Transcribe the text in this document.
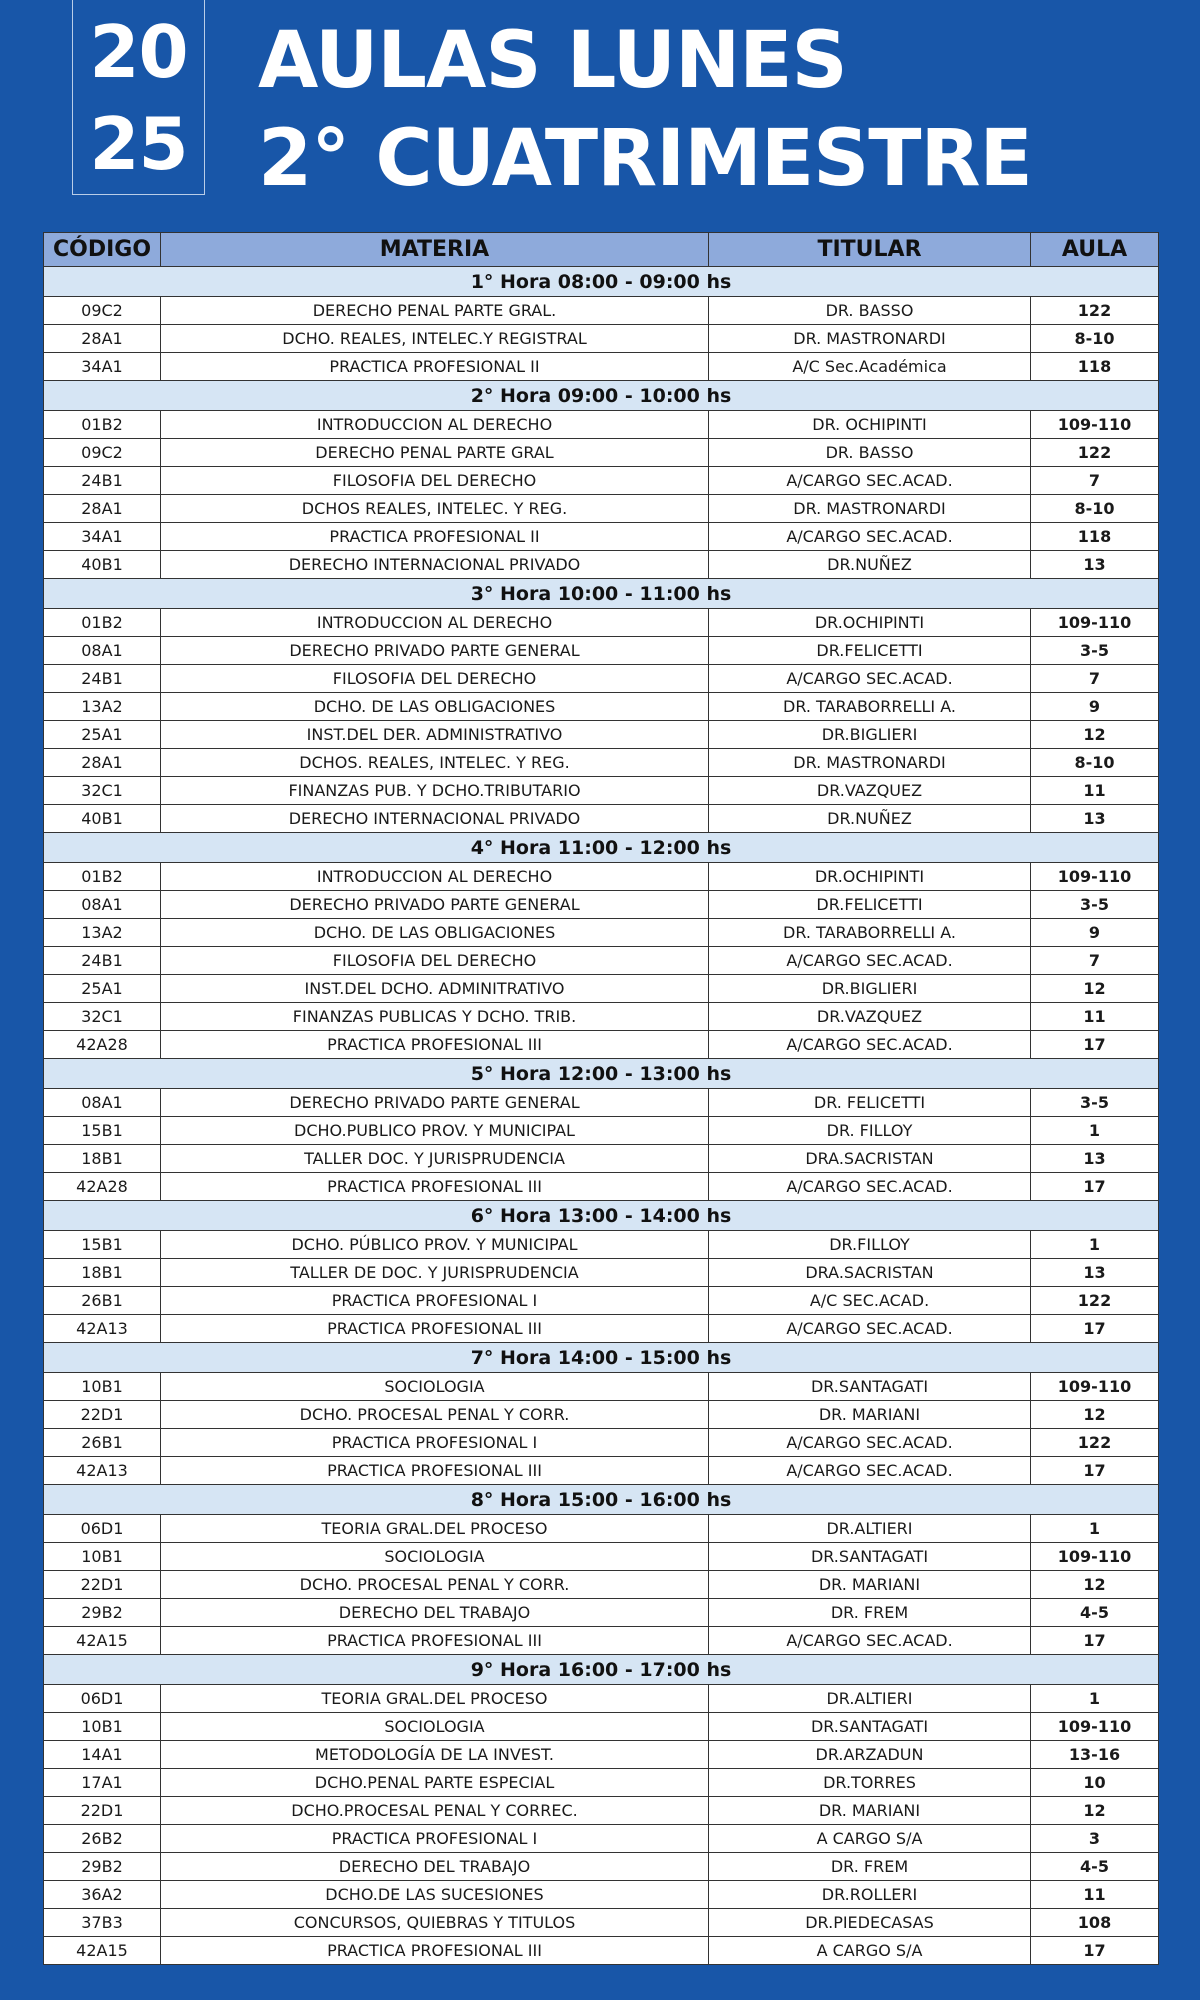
20
25
AULAS LUNES
2° CUATRIMESTRE
CÓDIGO	MATERIA	TITULAR	AULA
1° Hora 08:00 - 09:00 hs			
09C2	DERECHO PENAL PARTE GRAL.	DR. BASSO	122
28A1	DCHO. REALES, INTELEC.Y REGISTRAL	DR. MASTRONARDI	8-10
34A1	PRACTICA PROFESIONAL II	A/C Sec.Académica	118
2° Hora 09:00 - 10:00 hs			
01B2	INTRODUCCION AL DERECHO	DR. OCHIPINTI	109-110
09C2	DERECHO PENAL PARTE GRAL	DR. BASSO	122
24B1	FILOSOFIA DEL DERECHO	A/CARGO SEC.ACAD.	7
28A1	DCHOS REALES, INTELEC. Y REG.	DR. MASTRONARDI	8-10
34A1	PRACTICA PROFESIONAL II	A/CARGO SEC.ACAD.	118
40B1	DERECHO INTERNACIONAL PRIVADO	DR.NUÑEZ	13
3° Hora 10:00 - 11:00 hs			
01B2	INTRODUCCION AL DERECHO	DR.OCHIPINTI	109-110
08A1	DERECHO PRIVADO PARTE GENERAL	DR.FELICETTI	3-5
24B1	FILOSOFIA DEL DERECHO	A/CARGO SEC.ACAD.	7
13A2	DCHO. DE LAS OBLIGACIONES	DR. TARABORRELLI A.	9
25A1	INST.DEL DER. ADMINISTRATIVO	DR.BIGLIERI	12
28A1	DCHOS. REALES, INTELEC. Y REG.	DR. MASTRONARDI	8-10
32C1	FINANZAS PUB. Y DCHO.TRIBUTARIO	DR.VAZQUEZ	11
40B1	DERECHO INTERNACIONAL PRIVADO	DR.NUÑEZ	13
4° Hora 11:00 - 12:00 hs			
01B2	INTRODUCCION AL DERECHO	DR.OCHIPINTI	109-110
08A1	DERECHO PRIVADO PARTE GENERAL	DR.FELICETTI	3-5
13A2	DCHO. DE LAS OBLIGACIONES	DR. TARABORRELLI A.	9
24B1	FILOSOFIA DEL DERECHO	A/CARGO SEC.ACAD.	7
25A1	INST.DEL DCHO. ADMINITRATIVO	DR.BIGLIERI	12
32C1	FINANZAS PUBLICAS Y DCHO. TRIB.	DR.VAZQUEZ	11
42A28	PRACTICA PROFESIONAL III	A/CARGO SEC.ACAD.	17
5° Hora 12:00 - 13:00 hs			
08A1	DERECHO PRIVADO PARTE GENERAL	DR. FELICETTI	3-5
15B1	DCHO.PUBLICO PROV. Y MUNICIPAL	DR. FILLOY	1
18B1	TALLER DOC. Y JURISPRUDENCIA	DRA.SACRISTAN	13
42A28	PRACTICA PROFESIONAL III	A/CARGO SEC.ACAD.	17
6° Hora 13:00 - 14:00 hs			
15B1	DCHO. PÚBLICO PROV. Y MUNICIPAL	DR.FILLOY	1
18B1	TALLER DE DOC. Y JURISPRUDENCIA	DRA.SACRISTAN	13
26B1	PRACTICA PROFESIONAL I	A/C SEC.ACAD.	122
42A13	PRACTICA PROFESIONAL III	A/CARGO SEC.ACAD.	17
7° Hora 14:00 - 15:00 hs			
10B1	SOCIOLOGIA	DR.SANTAGATI	109-110
22D1	DCHO. PROCESAL PENAL Y CORR.	DR. MARIANI	12
26B1	PRACTICA PROFESIONAL I	A/CARGO SEC.ACAD.	122
42A13	PRACTICA PROFESIONAL III	A/CARGO SEC.ACAD.	17
8° Hora 15:00 - 16:00 hs			
06D1	TEORIA GRAL.DEL PROCESO	DR.ALTIERI	1
10B1	SOCIOLOGIA	DR.SANTAGATI	109-110
22D1	DCHO. PROCESAL PENAL Y CORR.	DR. MARIANI	12
29B2	DERECHO DEL TRABAJO	DR. FREM	4-5
42A15	PRACTICA PROFESIONAL III	A/CARGO SEC.ACAD.	17
9° Hora 16:00 - 17:00 hs			
06D1	TEORIA GRAL.DEL PROCESO	DR.ALTIERI	1
10B1	SOCIOLOGIA	DR.SANTAGATI	109-110
14A1	METODOLOGÍA DE LA INVEST.	DR.ARZADUN	13-16
17A1	DCHO.PENAL PARTE ESPECIAL	DR.TORRES	10
22D1	DCHO.PROCESAL PENAL Y CORREC.	DR. MARIANI	12
26B2	PRACTICA PROFESIONAL I	A CARGO S/A	3
29B2	DERECHO DEL TRABAJO	DR. FREM	4-5
36A2	DCHO.DE LAS SUCESIONES	DR.ROLLERI	11
37B3	CONCURSOS, QUIEBRAS Y TITULOS	DR.PIEDECASAS	108
42A15	PRACTICA PROFESIONAL III	A CARGO S/A	17
